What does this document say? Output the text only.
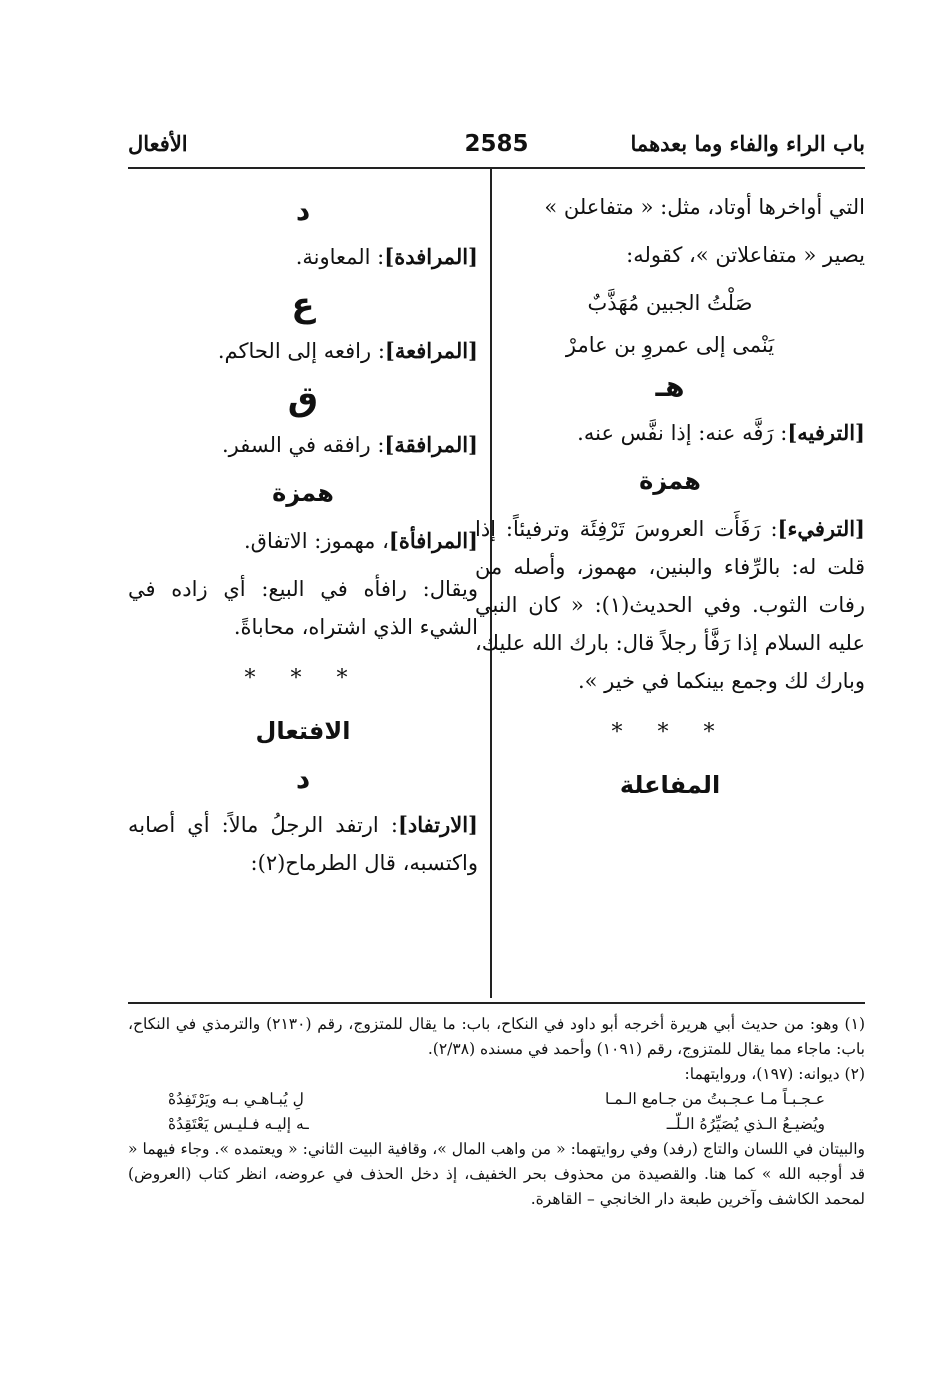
باب الراء والفاء وما بعدهما
2585
الأفعال

التي أواخرها أوتاد، مثل: « متفاعلن »

يصير « متفاعلاتن »، كقوله:

صَلْتُ الجبين مُهَذَّبٌ

يَنْمى إلى عمروِ بن عامرْ

هـ

[الترفيه]: رَفَّه عنه: إذا نفَّس عنه.

همزة

[الترفيء]: رَفَأَت العروسَ تَرْفِئَة وترفيئاً: إذا قلت له: بالرِّفاء والبنين، مهموز، وأصله من رفات الثوب. وفي الحديث(١): « كان النبي عليه السلام إذا رَفَّأ رجلاً قال: بارك الله عليك، وبارك لك وجمع بينكما في خير ».

* * *
المفاعلة
د

[المرافدة]: المعاونة.

ع

[المرافعة]: رافعه إلى الحاكم.

ق

[المرافقة]: رافقه في السفر.

همزة

[المرافأة]، مهموز: الاتفاق.

ويقال: رافأه في البيع: أي زاده في الشيء الذي اشتراه، محاباةً.

* * *
الافتعال
د

[الارتفاد]: ارتفد الرجلُ مالاً: أي أصابه واكتسبه، قال الطرماح(٢):

(١) وهو: من حديث أبي هريرة أخرجه أبو داود في النكاح، باب: ما يقال للمتزوج، رقم (٢١٣٠) والترمذي في النكاح، باب: ماجاء مما يقال للمتزوج، رقم (١٠٩١) وأحمد في مسنده (٢/٣٨).

(٢) ديوانه: (١٩٧)، وروايتهما:

عـجـبـاً مـا عـجـبتُ من جـامع الـمـا
لِ يُبـاهـي بـه ويَرْتَفِدُهْ
ويُضيـعُ الـذي يُصَيِّرُهُ الـلّــ
ـه إليـه فـليـس يَعْتَقِدُهْ

والبيتان في اللسان والتاج (رفد) وفي روايتهما: « من واهب المال »، وقافية البيت الثاني: « ويعتمده ». وجاء فيهما « قد أوجبه الله » كما هنا. والقصيدة من محذوف بحر الخفيف، إذ دخل الحذف في عروضه، انظر كتاب (العروض) لمحمد الكاشف وآخرين طبعة دار الخانجي – القاهرة.
